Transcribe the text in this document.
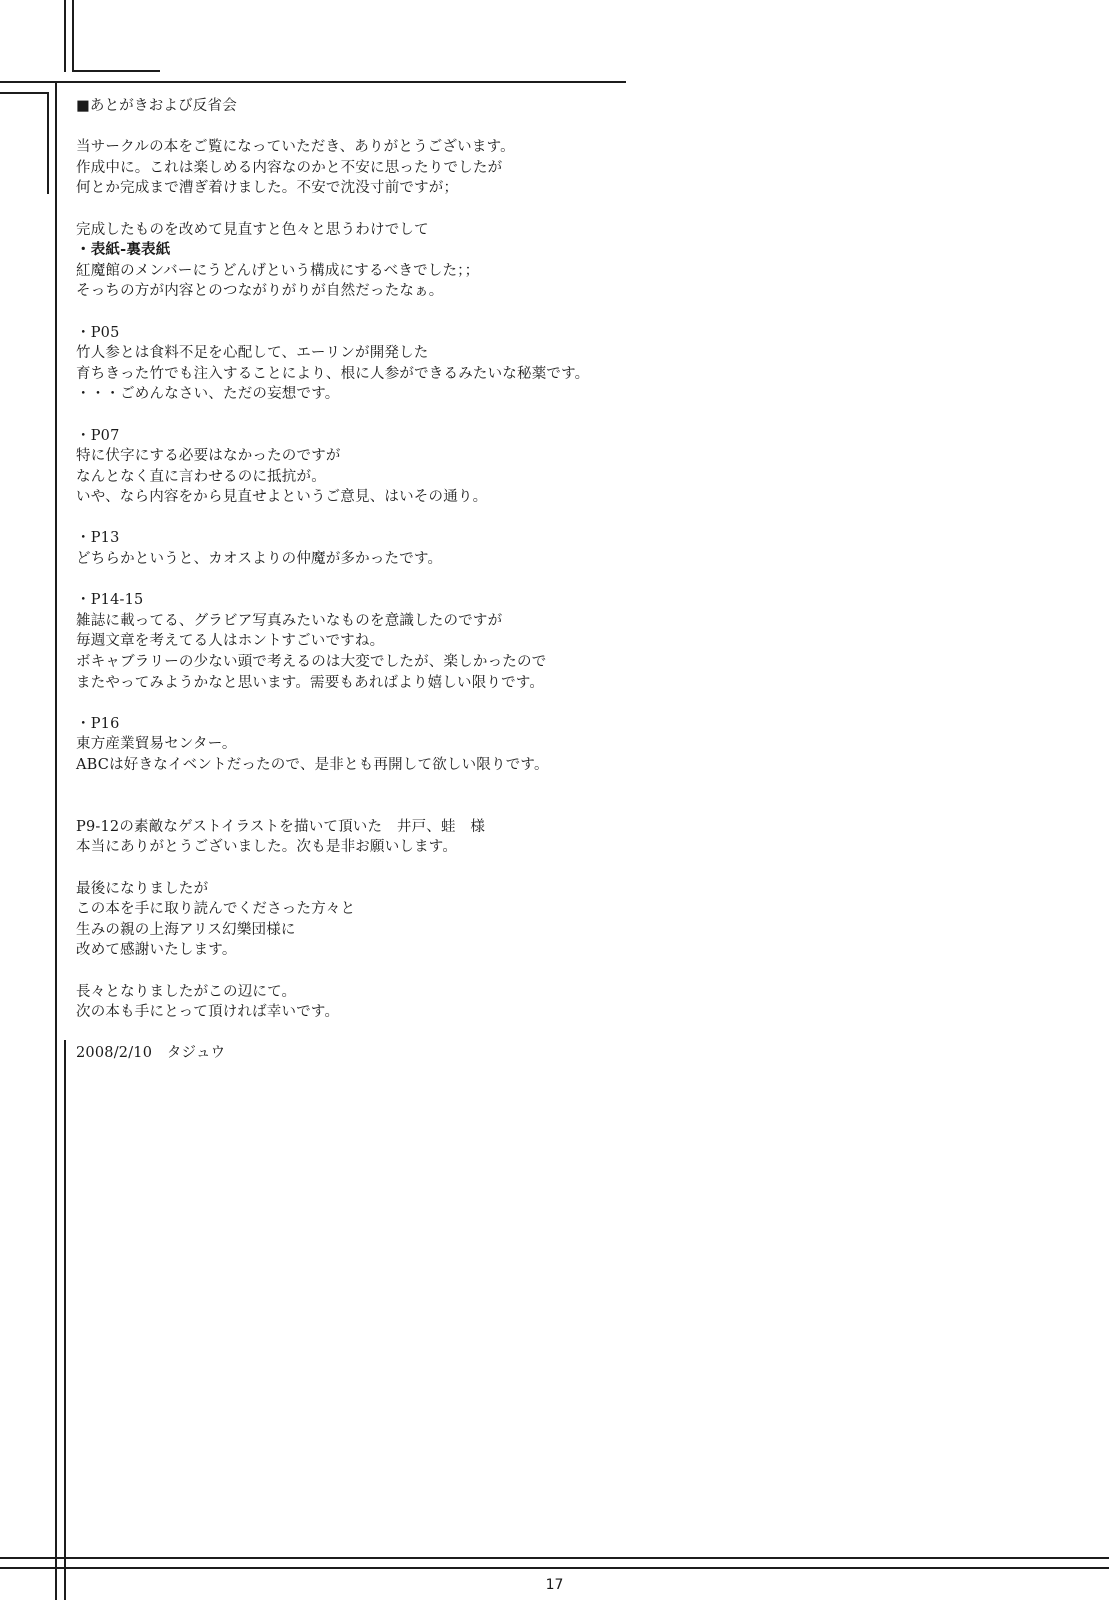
■あとがきおよび反省会
当サークルの本をご覧になっていただき、ありがとうございます。
作成中に。これは楽しめる内容なのかと不安に思ったりでしたが
何とか完成まで漕ぎ着けました。不安で沈没寸前ですが；
完成したものを改めて見直すと色々と思うわけでして
・表紙-裏表紙
紅魔館のメンバーにうどんげという構成にするべきでした；；
そっちの方が内容とのつながりがりが自然だったなぁ。
・P05
竹人参とは食料不足を心配して、エーリンが開発した
育ちきった竹でも注入することにより、根に人参ができるみたいな秘薬です。
・・・ごめんなさい、ただの妄想です。
・P07
特に伏字にする必要はなかったのですが
なんとなく直に言わせるのに抵抗が。
いや、なら内容をから見直せよというご意見、はいその通り。
・P13
どちらかというと、カオスよりの仲魔が多かったです。
・P14-15
雑誌に載ってる、グラビア写真みたいなものを意識したのですが
毎週文章を考えてる人はホントすごいですね。
ボキャブラリーの少ない頭で考えるのは大変でしたが、楽しかったので
またやってみようかなと思います。需要もあればより嬉しい限りです。
・P16
東方産業貿易センター。
ABCは好きなイベントだったので、是非とも再開して欲しい限りです。
P9-12の素敵なゲストイラストを描いて頂いた　井戸、蛙　様
本当にありがとうございました。次も是非お願いします。
最後になりましたが
この本を手に取り読んでくださった方々と
生みの親の上海アリス幻樂団様に
改めて感謝いたします。
長々となりましたがこの辺にて。
次の本も手にとって頂ければ幸いです。
2008/2/10　タジュウ
17
